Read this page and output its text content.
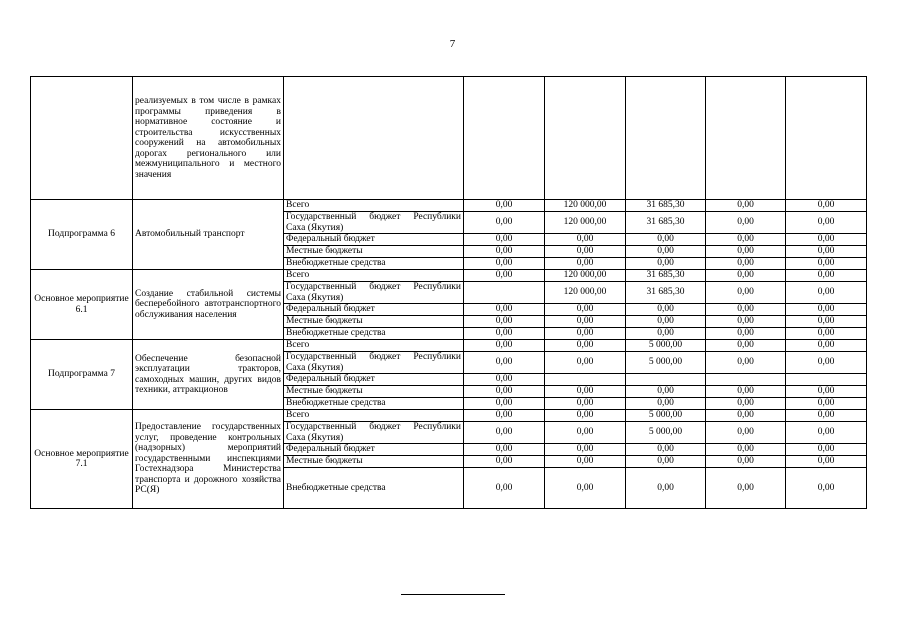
7

	реализуемых в том числе в рамках программы приведения в нормативное состояние и строительства искусственных сооружений на автомобильных дорогах регионального или межмуниципального и местного значения						

Подпрограмма 6	Автомобильный транспорт	Всего	0,00	120 000,00	31 685,30	0,00	0,00

		Государственный бюджет Республики Саха (Якутия)	0,00	120 000,00	31 685,30	0,00	0,00

		Федеральный бюджет	0,00	0,00	0,00	0,00	0,00

		Местные бюджеты	0,00	0,00	0,00	0,00	0,00

		Внебюджетные средства	0,00	0,00	0,00	0,00	0,00
Основное мероприятие 6.1	Создание стабильной системы бесперебойного автотранспортного обслуживания населения	Всего	0,00	120 000,00	31 685,30	0,00	0,00

		Государственный бюджет Республики Саха (Якутия)		120 000,00	31 685,30	0,00	0,00

		Федеральный бюджет	0,00	0,00	0,00	0,00	0,00

		Местные бюджеты	0,00	0,00	0,00	0,00	0,00

		Внебюджетные средства	0,00	0,00	0,00	0,00	0,00
Подпрограмма 7	Обеспечение безопасной эксплуатации тракторов, самоходных машин, других видов техники, аттракционов	Всего	0,00	0,00	5 000,00	0,00	0,00

		Государственный бюджет Республики Саха (Якутия)	0,00	0,00	5 000,00	0,00	0,00

		Федеральный бюджет	0,00				

		Местные бюджеты	0,00	0,00	0,00	0,00	0,00

		Внебюджетные средства	0,00	0,00	0,00	0,00	0,00
Основное мероприятие 7.1	Предоставление государственных услуг, проведение контрольных (надзорных) мероприятий государственными инспекциями Гостехнадзора Министерства транспорта и дорожного хозяйства РС(Я)	Всего	0,00	0,00	5 000,00	0,00	0,00

		Государственный бюджет Республики Саха (Якутия)	0,00	0,00	5 000,00	0,00	0,00

		Федеральный бюджет	0,00	0,00	0,00	0,00	0,00

		Местные бюджеты	0,00	0,00	0,00	0,00	0,00

		Внебюджетные средства	0,00	0,00	0,00	0,00	0,00
